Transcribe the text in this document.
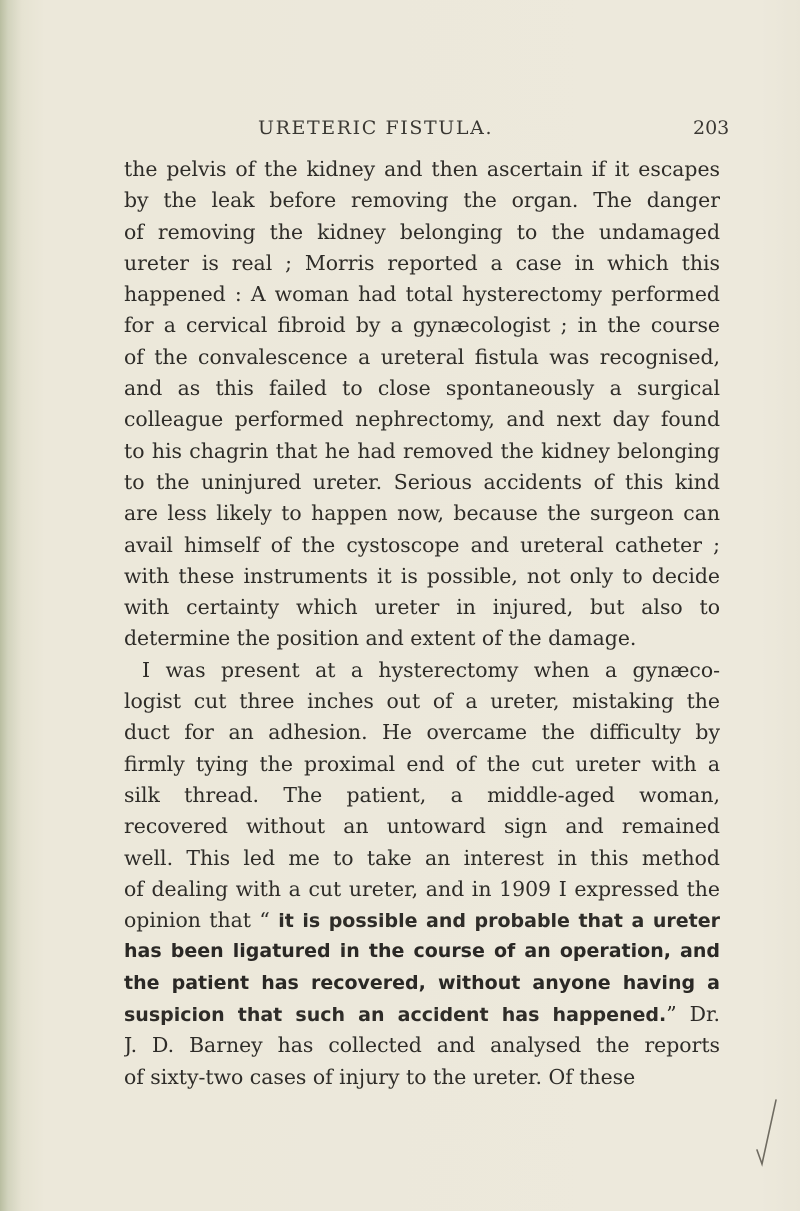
URETERIC FISTULA.	203
the pelvis of the kidney and then ascertain if it escapes
by the leak before removing the organ. The danger
of removing the kidney belonging to the undamaged
ureter is real ; Morris reported a case in which this
happened : A woman had total hysterectomy performed
for a cervical fibroid by a gynæcologist ; in the course
of the convalescence a ureteral fistula was recognised,
and as this failed to close spontaneously a surgical
colleague performed nephrectomy, and next day found
to his chagrin that he had removed the kidney belonging
to the uninjured ureter. Serious accidents of this kind
are less likely to happen now, because the surgeon can
avail himself of the cystoscope and ureteral catheter ;
with these instruments it is possible, not only to decide
with certainty which ureter in injured, but also to
determine the position and extent of the damage.
I was present at a hysterectomy when a gynæco-
logist cut three inches out of a ureter, mistaking the
duct for an adhesion. He overcame the difficulty by
firmly tying the proximal end of the cut ureter with a
silk thread. The patient, a middle-aged woman,
recovered without an untoward sign and remained
well. This led me to take an interest in this method
of dealing with a cut ureter, and in 1909 I expressed the
opinion that “ it is possible and probable that a ureter
has been ligatured in the course of an operation, and
the patient has recovered, without anyone having a
suspicion that such an accident has happened.” Dr.
J. D. Barney has collected and analysed the reports
of sixty-two cases of injury to the ureter. Of these
